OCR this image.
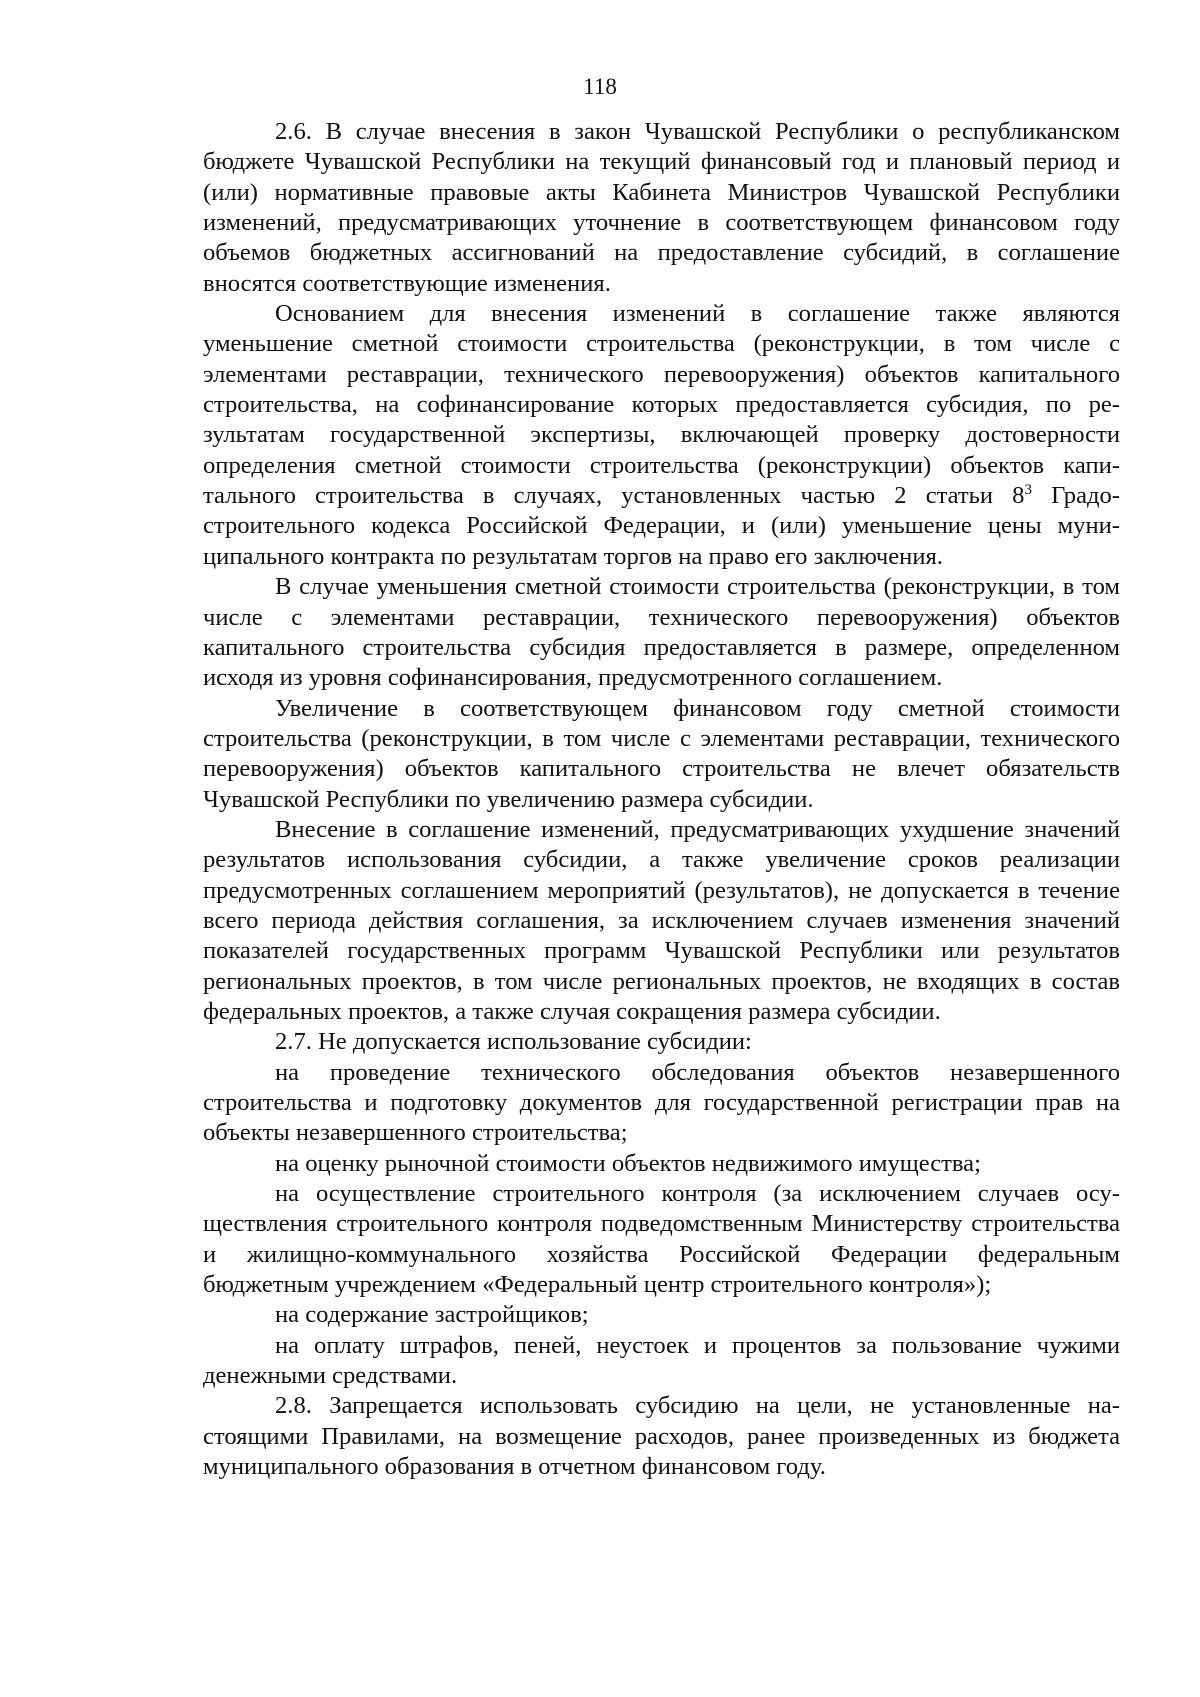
118

2.6. В случае внесения в закон Чувашской Республики о республиканском бюджете Чувашской Республики на текущий финансовый год и плановый период и (или) нормативные правовые акты Кабинета Министров Чувашской Республики изменений, предусматривающих уточнение в соответствующем финансовом году объемов бюджетных ассигнований на предоставление субсидий, в соглашение вносятся соответствующие изменения.

Основанием для внесения изменений в соглашение также являются уменьшение сметной стоимости строительства (реконструкции, в том числе с элементами реставрации, технического перевооружения) объектов капитального строительства, на софинансирование которых предоставляется субсидия, по результатам государственной экспертизы, включающей проверку достоверности определения сметной стоимости строительства (реконструкции) объектов капитального строительства в случаях, установленных частью 2 статьи $8^3$ Градостроительного кодекса Российской Федерации, и (или) уменьшение цены муниципального контракта по результатам торгов на право его заключения.

В случае уменьшения сметной стоимости строительства (реконструкции, в том числе с элементами реставрации, технического перевооружения) объектов капитального строительства субсидия предоставляется в размере, определенном исходя из уровня софинансирования, предусмотренного соглашением.

Увеличение в соответствующем финансовом году сметной стоимости строительства (реконструкции, в том числе с элементами реставрации, технического перевооружения) объектов капитального строительства не влечет обязательств Чувашской Республики по увеличению размера субсидии.

Внесение в соглашение изменений, предусматривающих ухудшение значений результатов использования субсидии, а также увеличение сроков реализации предусмотренных соглашением мероприятий (результатов), не допускается в течение всего периода действия соглашения, за исключением случаев изменения значений показателей государственных программ Чувашской Республики или результатов региональных проектов, в том числе региональных проектов, не входящих в состав федеральных проектов, а также случая сокращения размера субсидии.

2.7. Не допускается использование субсидии:

на проведение технического обследования объектов незавершенного строительства и подготовку документов для государственной регистрации прав на объекты незавершенного строительства;

на оценку рыночной стоимости объектов недвижимого имущества;

на осуществление строительного контроля (за исключением случаев осуществления строительного контроля подведомственным Министерству строительства и жилищно-коммунального хозяйства Российской Федерации федеральным бюджетным учреждением «Федеральный центр строительного контроля»);

на содержание застройщиков;

на оплату штрафов, пеней, неустоек и процентов за пользование чужими денежными средствами.

2.8. Запрещается использовать субсидию на цели, не установленные настоящими Правилами, на возмещение расходов, ранее произведенных из бюджета муниципального образования в отчетном финансовом году.
